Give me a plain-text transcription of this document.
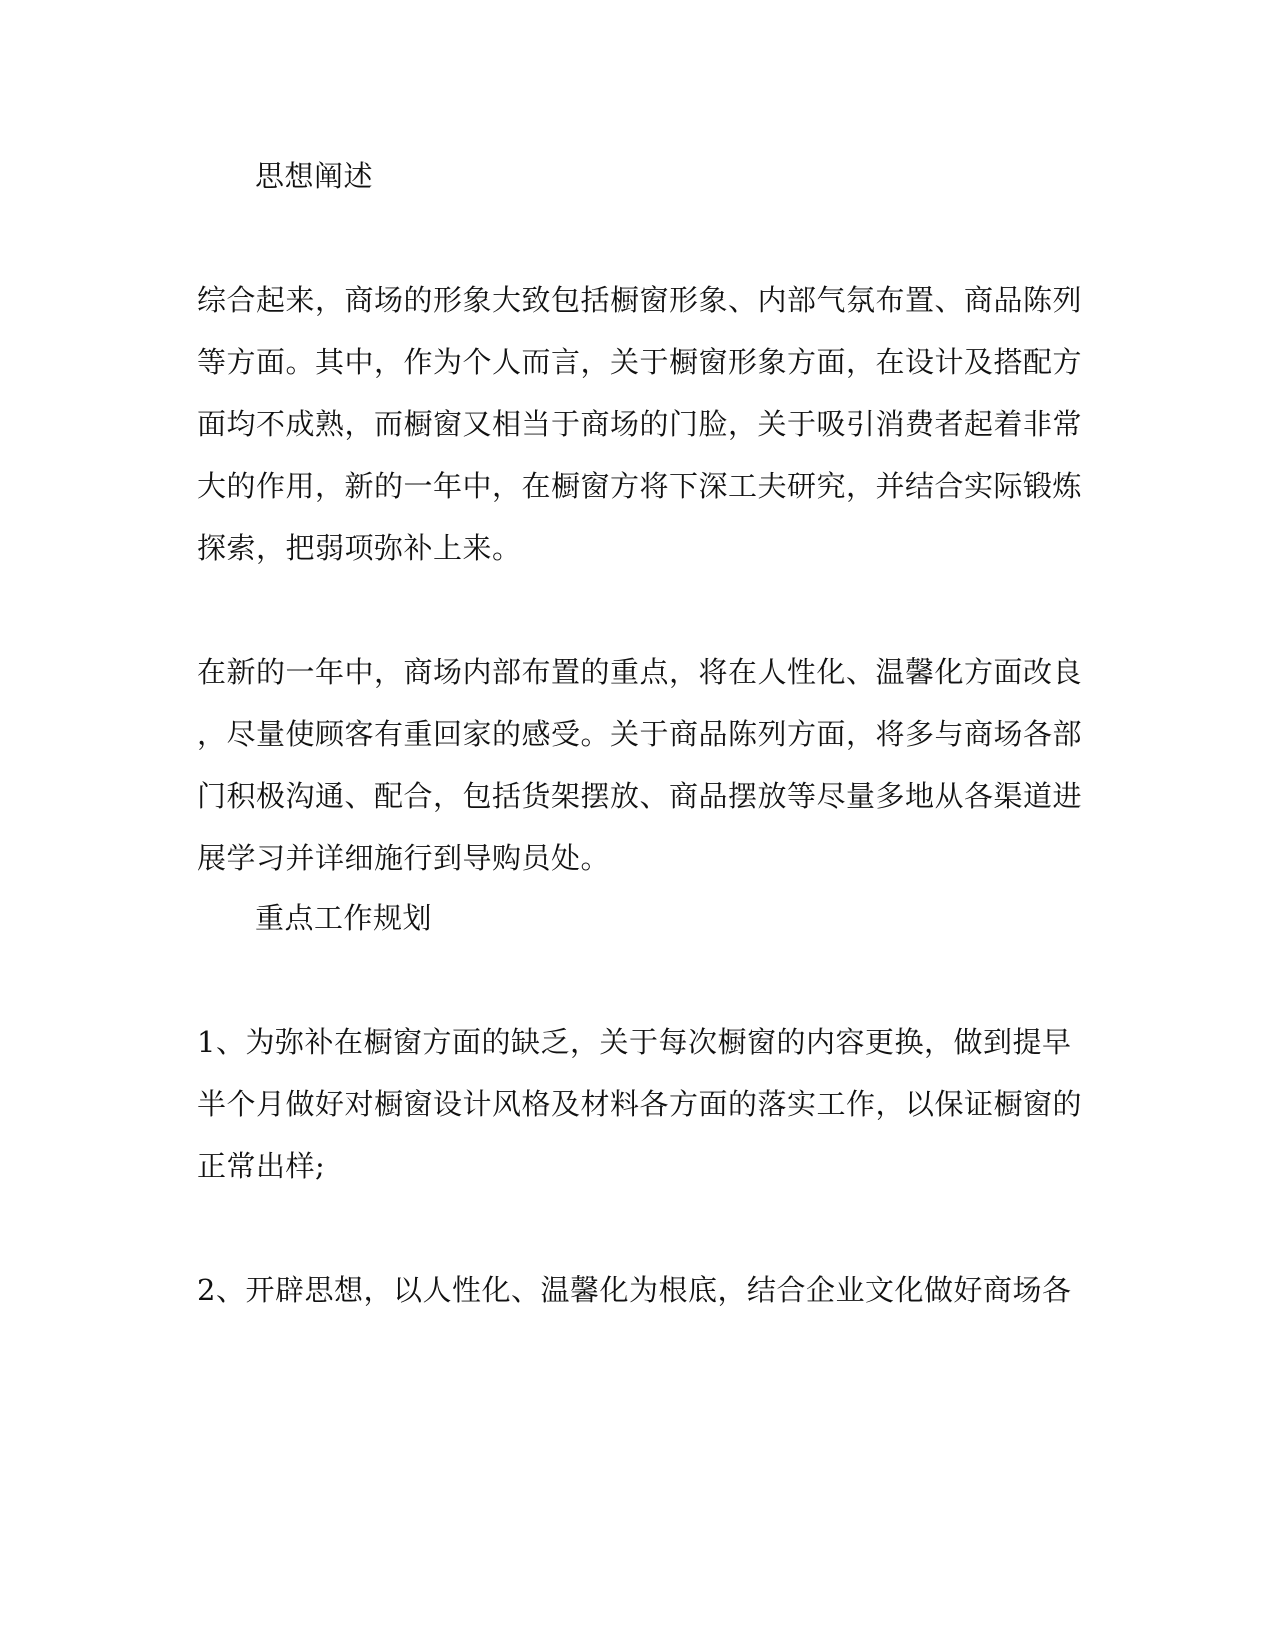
思想阐述
综合起来，商场的形象大致包括橱窗形象、内部气氛布置、商品陈列
等方面。其中，作为个人而言，关于橱窗形象方面，在设计及搭配方
面均不成熟，而橱窗又相当于商场的门脸，关于吸引消费者起着非常
大的作用，新的一年中，在橱窗方将下深工夫研究，并结合实际锻炼
探索，把弱项弥补上来。
在新的一年中，商场内部布置的重点，将在人性化、温馨化方面改良
，尽量使顾客有重回家的感受。关于商品陈列方面，将多与商场各部
门积极沟通、配合，包括货架摆放、商品摆放等尽量多地从各渠道进
展学习并详细施行到导购员处。
重点工作规划
1、为弥补在橱窗方面的缺乏，关于每次橱窗的内容更换，做到提早
半个月做好对橱窗设计风格及材料各方面的落实工作，以保证橱窗的
正常出样;
2、开辟思想，以人性化、温馨化为根底，结合企业文化做好商场各
